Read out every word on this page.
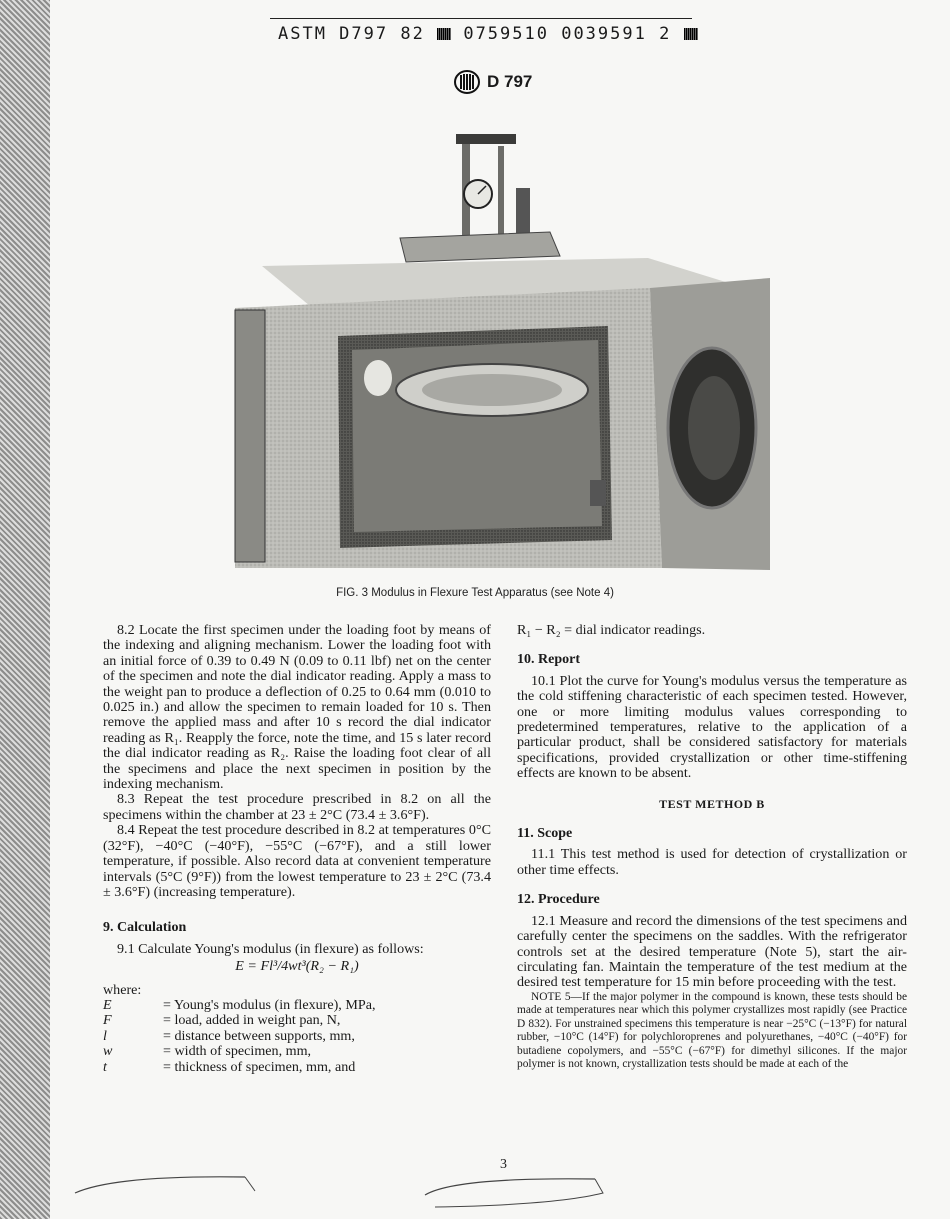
ASTM D797 82 0759510 0039591 2
D 797
FIG. 3 Modulus in Flexure Test Apparatus (see Note 4)

8.2 Locate the first specimen under the loading foot by means of the indexing and aligning mechanism. Lower the loading foot with an initial force of 0.39 to 0.49 N (0.09 to 0.11 lbf) net on the center of the specimen and note the dial indicator reading. Apply a mass to the weight pan to produce a deflection of 0.25 to 0.64 mm (0.010 to 0.025 in.) and allow the specimen to remain loaded for 10 s. Then remove the applied mass and after 10 s record the dial indicator reading as R₁. Reapply the force, note the time, and 15 s later record the dial indicator reading as R₂. Raise the loading foot clear of all the specimens and place the next specimen in position by the indexing mechanism.

8.3 Repeat the test procedure prescribed in 8.2 on all the specimens within the chamber at 23 ± 2°C (73.4 ± 3.6°F).

8.4 Repeat the test procedure described in 8.2 at temperatures 0°C (32°F), −40°C (−40°F), −55°C (−67°F), and a still lower temperature, if possible. Also record data at convenient temperature intervals (5°C (9°F)) from the lowest temperature to 23 ± 2°C (73.4 ± 3.6°F) (increasing temperature).

9. Calculation

9.1 Calculate Young's modulus (in flexure) as follows:

E = Fl³/4wt³(R₂ − R₁)

where:

E	= Young's modulus (in flexure), MPa,
F	= load, added in weight pan, N,
l	= distance between supports, mm,
w	= width of specimen, mm,
t	= thickness of specimen, mm, and

R₁ − R₂ = dial indicator readings.

10. Report

10.1 Plot the curve for Young's modulus versus the temperature as the cold stiffening characteristic of each specimen tested. However, one or more limiting modulus values corresponding to predetermined temperatures, relative to the application of a particular product, shall be considered satisfactory for materials specifications, provided crystallization or other time-stiffening effects are known to be absent.

TEST METHOD B
11. Scope

11.1 This test method is used for detection of crystallization or other time effects.

12. Procedure

12.1 Measure and record the dimensions of the test specimens and carefully center the specimens on the saddles. With the refrigerator controls set at the desired temperature (Note 5), start the air-circulating fan. Maintain the temperature of the test medium at the desired test temperature for 15 min before proceeding with the test.

NOTE 5—If the major polymer in the compound is known, these tests should be made at temperatures near which this polymer crystallizes most rapidly (see Practice D 832). For unstrained specimens this temperature is near −25°C (−13°F) for natural rubber, −10°C (14°F) for polychloroprenes and polyurethanes, −40°C (−40°F) for butadiene copolymers, and −55°C (−67°F) for dimethyl silicones. If the major polymer is not known, crystallization tests should be made at each of the

3
